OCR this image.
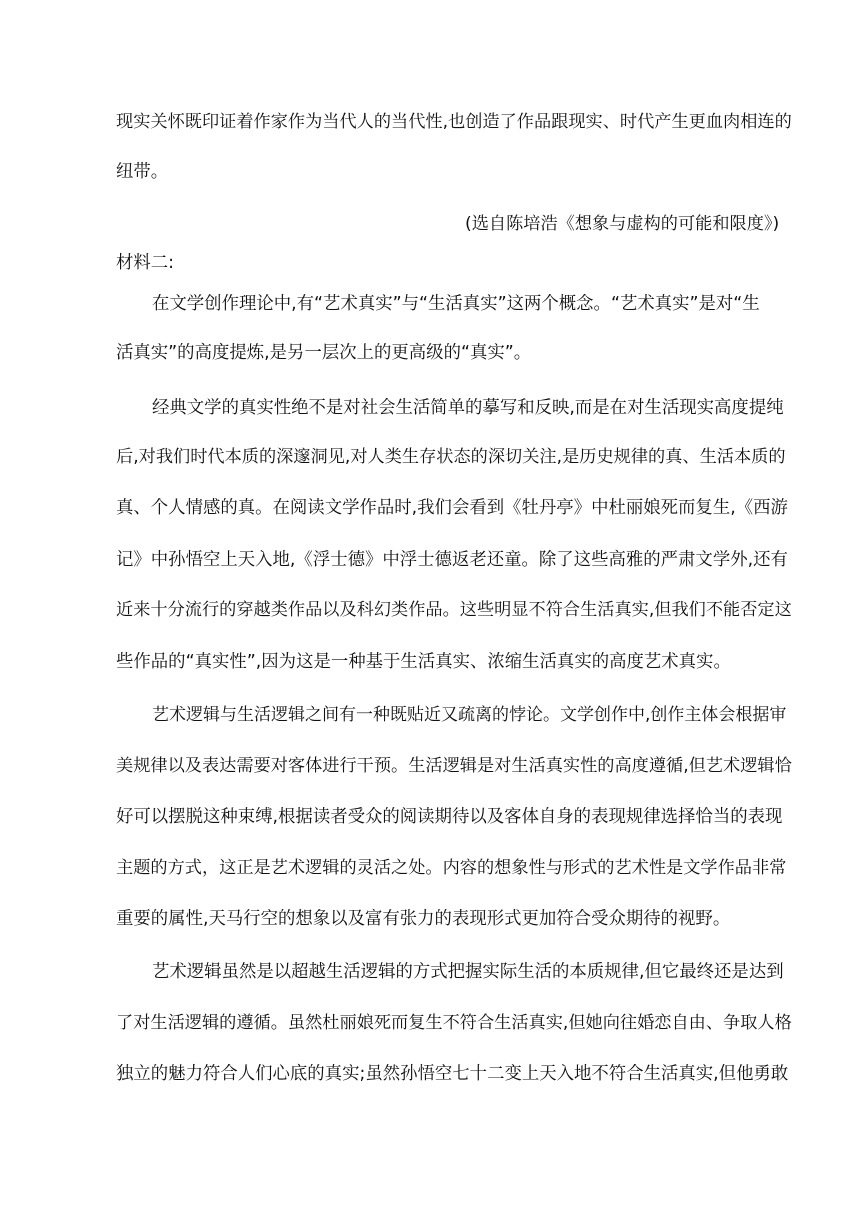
现实关怀既印证着作家作为当代人的当代性,也创造了作品跟现实、时代产生更血肉相连的
纽带。
(选自陈培浩《想象与虚构的可能和限度》)
材料二:
在文学创作理论中,有“艺术真实”与“生活真实”这两个概念。“艺术真实”是对“生
活真实”的高度提炼,是另一层次上的更高级的“真实”。
经典文学的真实性绝不是对社会生活简单的摹写和反映,而是在对生活现实高度提纯
后,对我们时代本质的深邃洞见,对人类生存状态的深切关注,是历史规律的真、生活本质的
真、个人情感的真。在阅读文学作品时,我们会看到《牡丹亭》中杜丽娘死而复生,《西游
记》中孙悟空上天入地,《浮士德》中浮士德返老还童。除了这些高雅的严肃文学外,还有
近来十分流行的穿越类作品以及科幻类作品。这些明显不符合生活真实,但我们不能否定这
些作品的“真实性”,因为这是一种基于生活真实、浓缩生活真实的高度艺术真实。
艺术逻辑与生活逻辑之间有一种既贴近又疏离的悖论。文学创作中,创作主体会根据审
美规律以及表达需要对客体进行干预。生活逻辑是对生活真实性的高度遵循,但艺术逻辑恰
好可以摆脱这种束缚,根据读者受众的阅读期待以及客体自身的表现规律选择恰当的表现
主题的方式，这正是艺术逻辑的灵活之处。内容的想象性与形式的艺术性是文学作品非常
重要的属性,天马行空的想象以及富有张力的表现形式更加符合受众期待的视野。
艺术逻辑虽然是以超越生活逻辑的方式把握实际生活的本质规律,但它最终还是达到
了对生活逻辑的遵循。虽然杜丽娘死而复生不符合生活真实,但她向往婚恋自由、争取人格
独立的魅力符合人们心底的真实;虽然孙悟空七十二变上天入地不符合生活真实,但他勇敢
